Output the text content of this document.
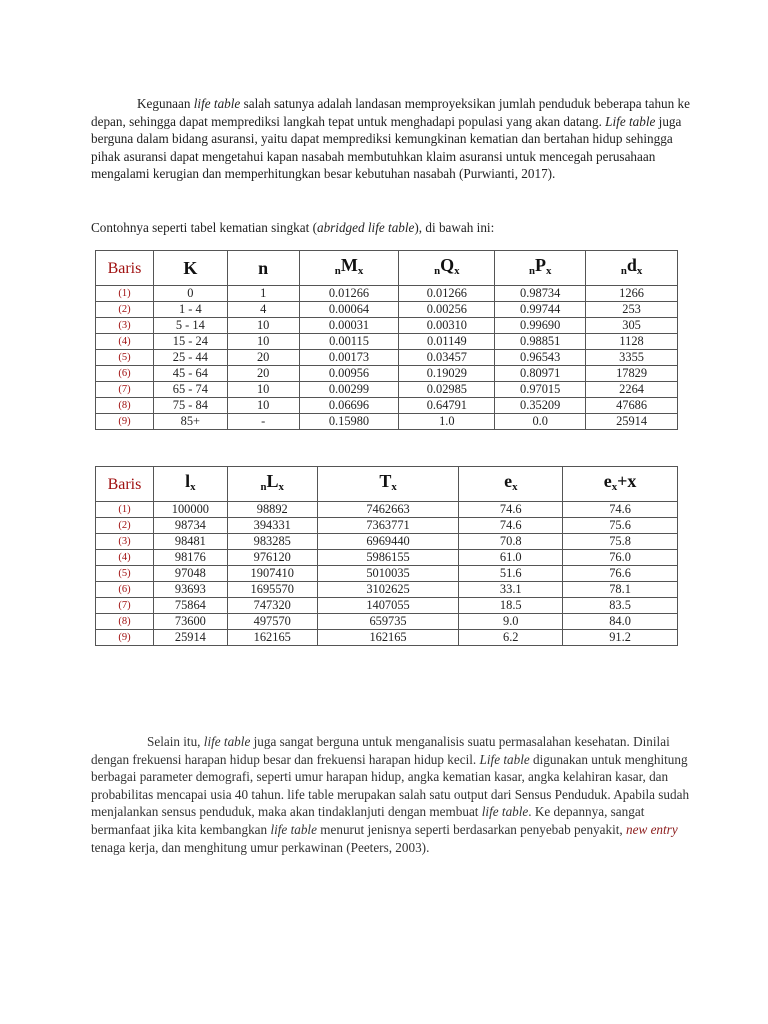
Kegunaan life table salah satunya adalah landasan memproyeksikan jumlah penduduk beberapa tahun ke depan, sehingga dapat memprediksi langkah tepat untuk menghadapi populasi yang akan datang. Life table juga berguna dalam bidang asuransi, yaitu dapat memprediksi kemungkinan kematian dan bertahan hidup sehingga pihak asuransi dapat mengetahui kapan nasabah membutuhkan klaim asuransi untuk mencegah perusahaan mengalami kerugian dan memperhitungkan besar kebutuhan nasabah (Purwianti, 2017).

Contohnya seperti tabel kematian singkat (abridged life table), di bawah ini:

Baris	K	n	$nM_x$	$nQ_x$	$nP_x$	$nd_x$
(1)	0	1	0.01266	0.01266	0.98734	1266
(2)	1 - 4	4	0.00064	0.00256	0.99744	253
(3)	5 - 14	10	0.00031	0.00310	0.99690	305
(4)	15 - 24	10	0.00115	0.01149	0.98851	1128
(5)	25 - 44	20	0.00173	0.03457	0.96543	3355
(6)	45 - 64	20	0.00956	0.19029	0.80971	17829
(7)	65 - 74	10	0.00299	0.02985	0.97015	2264
(8)	75 - 84	10	0.06696	0.64791	0.35209	47686
(9)	85+	-	0.15980	1.0	0.0	25914
Baris	$l_x$	$nL_x$	$T_x$	$e_x$	$e_x+x$
(1)	100000	98892	7462663	74.6	74.6
(2)	98734	394331	7363771	74.6	75.6
(3)	98481	983285	6969440	70.8	75.8
(4)	98176	976120	5986155	61.0	76.0
(5)	97048	1907410	5010035	51.6	76.6
(6)	93693	1695570	3102625	33.1	78.1
(7)	75864	747320	1407055	18.5	83.5
(8)	73600	497570	659735	9.0	84.0
(9)	25914	162165	162165	6.2	91.2

Selain itu, life table juga sangat berguna untuk menganalisis suatu permasalahan kesehatan. Dinilai dengan frekuensi harapan hidup besar dan frekuensi harapan hidup kecil. Life table digunakan untuk menghitung berbagai parameter demografi, seperti umur harapan hidup, angka kematian kasar, angka kelahiran kasar, dan probabilitas mencapai usia 40 tahun. life table merupakan salah satu output dari Sensus Penduduk. Apabila sudah menjalankan sensus penduduk, maka akan tindaklanjuti dengan membuat life table. Ke depannya, sangat bermanfaat jika kita kembangkan life table menurut jenisnya seperti berdasarkan penyebab penyakit, new entry tenaga kerja, dan menghitung umur perkawinan (Peeters, 2003).
